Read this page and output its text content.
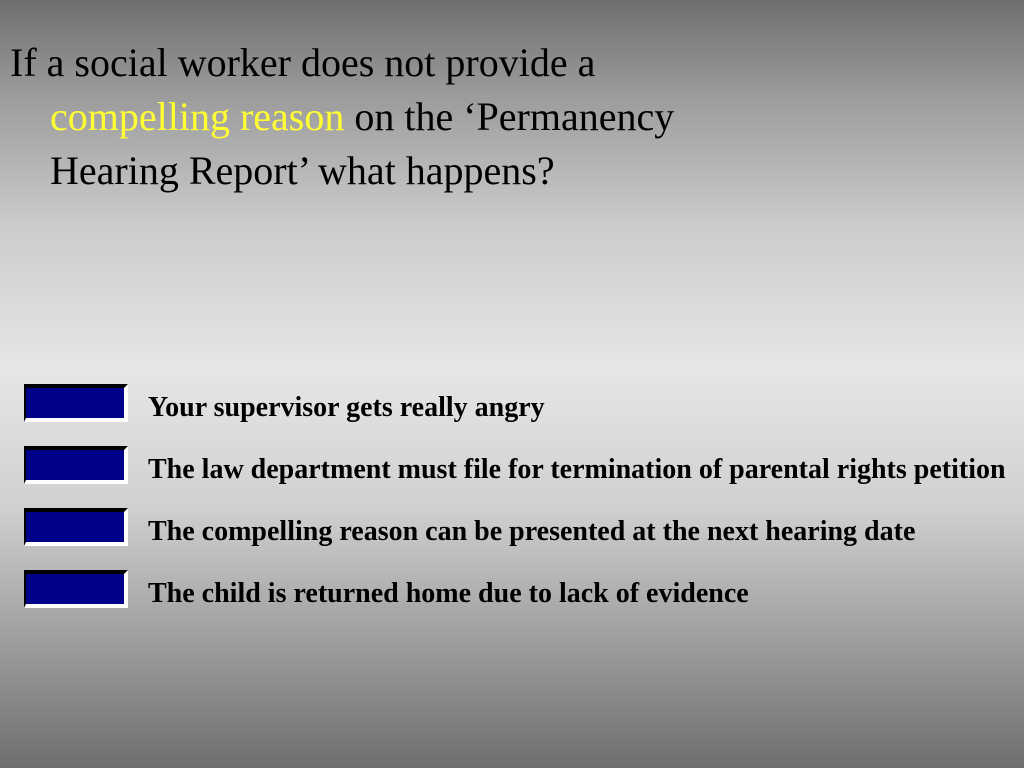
If a social worker does not provide a
compelling reason on the ‘Permanency
Hearing Report’ what happens?
Your supervisor gets really angry
The law department must file for termination of parental rights petition
The compelling reason can be presented at the next hearing date
The child is returned home due to lack of evidence
